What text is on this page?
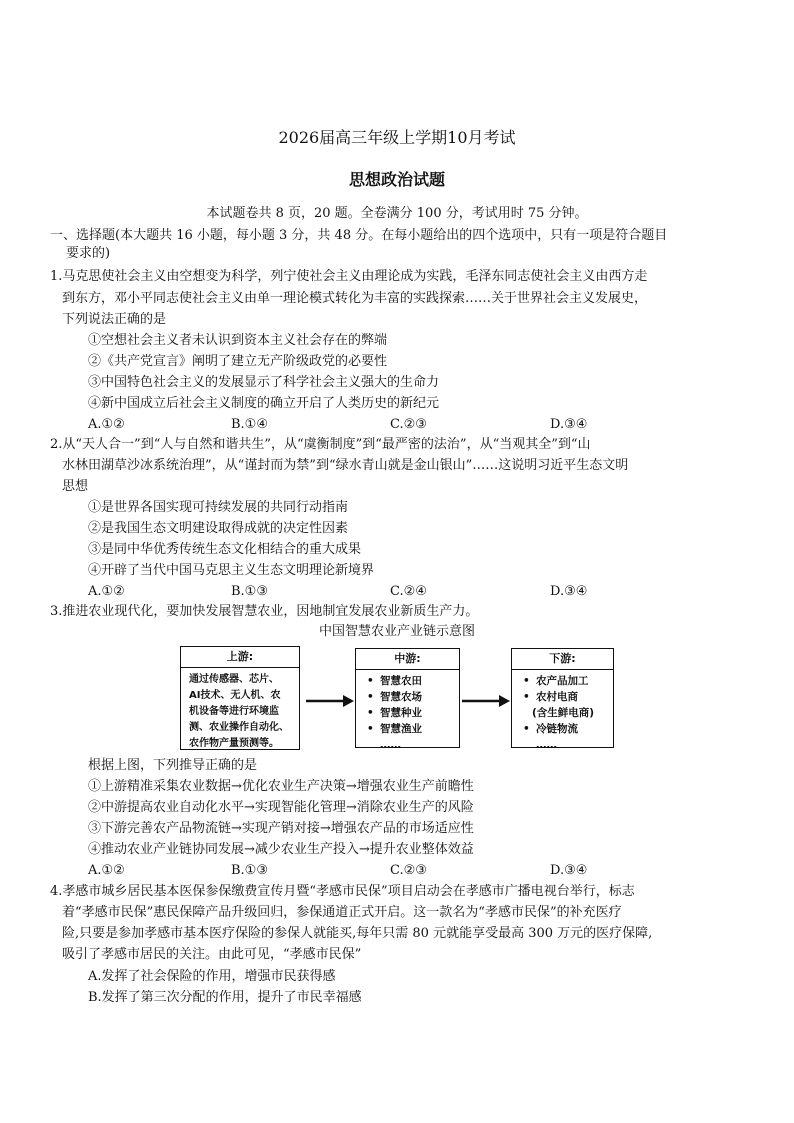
2026届高三年级上学期10月考试
思想政治试题
本试题卷共 8 页，20 题。全卷满分 100 分，考试用时 75 分钟。
一、选择题(本大题共 16 小题，每小题 3 分，共 48 分。在每小题给出的四个选项中，只有一项是符合题目
要求的)
1.马克思使社会主义由空想变为科学，列宁使社会主义由理论成为实践，毛泽东同志使社会主义由西方走
到东方，邓小平同志使社会主义由单一理论模式转化为丰富的实践探索……关于世界社会主义发展史，
下列说法正确的是
①空想社会主义者未认识到资本主义社会存在的弊端
②《共产党宣言》阐明了建立无产阶级政党的必要性
③中国特色社会主义的发展显示了科学社会主义强大的生命力
④新中国成立后社会主义制度的确立开启了人类历史的新纪元
A.①②	B.①④	C.②③	D.③④
2.从“天人合一”到“人与自然和谐共生”，从“虞衡制度”到“最严密的法治”，从“当观其全”到“山
水林田湖草沙冰系统治理”，从“谨封而为禁”到“绿水青山就是金山银山”……这说明习近平生态文明
思想
①是世界各国实现可持续发展的共同行动指南
②是我国生态文明建设取得成就的决定性因素
③是同中华优秀传统生态文化相结合的重大成果
④开辟了当代中国马克思主义生态文明理论新境界
A.①②	B.①③	C.②④	D.③④
3.推进农业现代化，要加快发展智慧农业，因地制宜发展农业新质生产力。
中国智慧农业产业链示意图
上游:
通过传感器、芯片、
AI技术、无人机、农
机设备等进行环境监
测、农业操作自动化、
农作物产量预测等。
中游:
• 智慧农田
• 智慧农场
• 智慧种业
• 智慧渔业
……
下游:
• 农产品加工
• 农村电商
(含生鲜电商)
• 冷链物流
……
根据上图，下列推导正确的是
①上游精准采集农业数据→优化农业生产决策→增强农业生产前瞻性
②中游提高农业自动化水平→实现智能化管理→消除农业生产的风险
③下游完善农产品物流链→实现产销对接→增强农产品的市场适应性
④推动农业产业链协同发展→减少农业生产投入→提升农业整体效益
A.①②	B.①③	C.②③	D.③④
4.孝感市城乡居民基本医保参保缴费宣传月暨“孝感市民保”项目启动会在孝感市广播电视台举行，标志
着“孝感市民保”惠民保障产品升级回归，参保通道正式开启。这一款名为“孝感市民保”的补充医疗
险,只要是参加孝感市基本医疗保险的参保人就能买,每年只需 80 元就能享受最高 300 万元的医疗保障,
吸引了孝感市居民的关注。由此可见，“孝感市民保”
A.发挥了社会保险的作用，增强市民获得感
B.发挥了第三次分配的作用，提升了市民幸福感
